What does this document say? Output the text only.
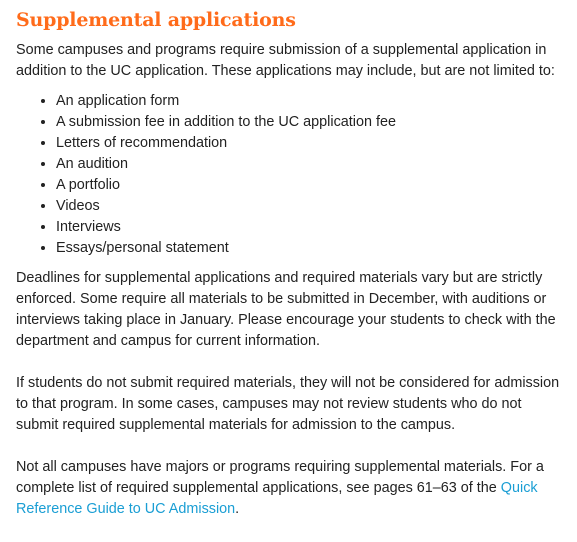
Supplemental applications

Some campuses and programs require submission of a supplemental application in addition to the UC application. These applications may include, but are not limited to:

• An application form
• A submission fee in addition to the UC application fee
• Letters of recommendation
• An audition
• A portfolio
• Videos
• Interviews
• Essays/personal statement

Deadlines for supplemental applications and required materials vary but are strictly enforced. Some require all materials to be submitted in December, with auditions or interviews taking place in January. Please encourage your students to check with the department and campus for current information.

If students do not submit required materials, they will not be considered for admission to that program. In some cases, campuses may not review students who do not submit required supplemental materials for admission to the campus.

Not all campuses have majors or programs requiring supplemental materials. For a complete list of required supplemental applications, see pages 61–63 of the Quick Reference Guide to UC Admission.
